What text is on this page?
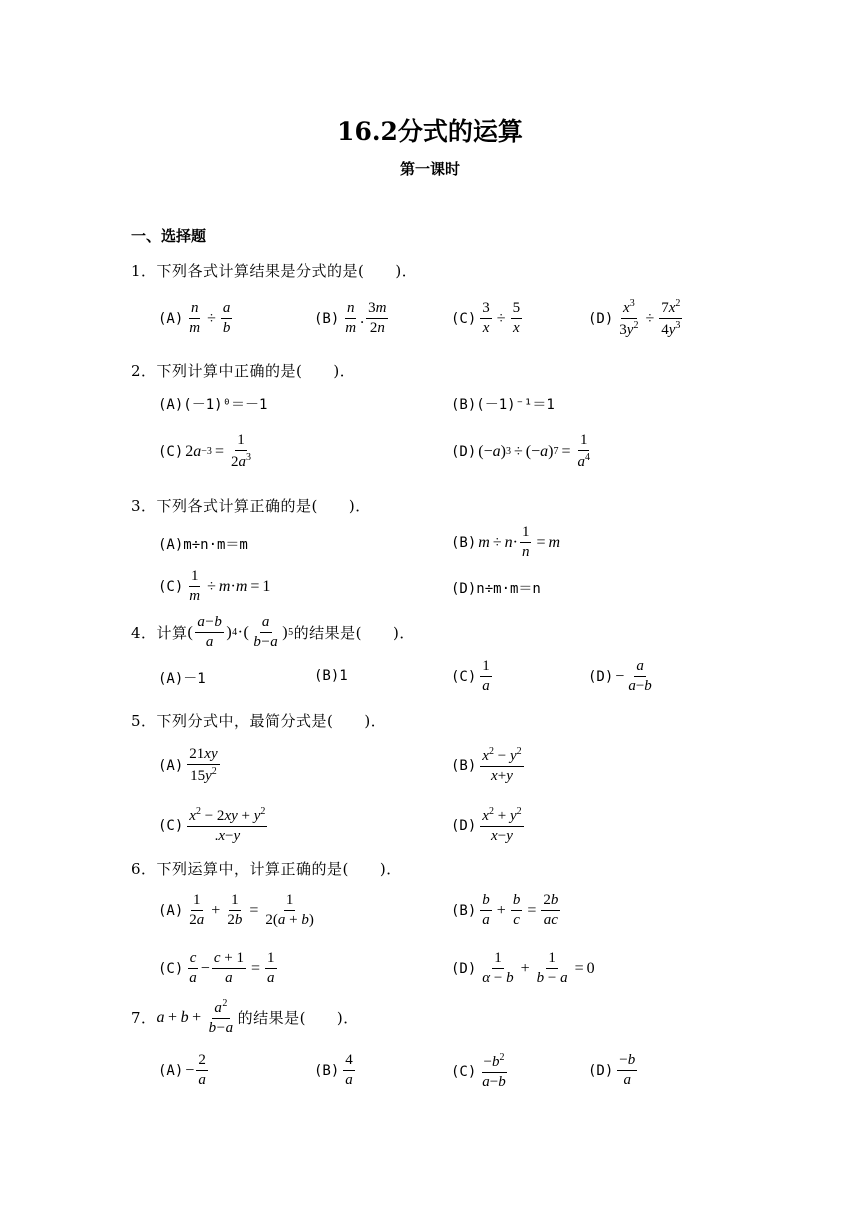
16.2分式的运算
第一课时
一、选择题
1．下列各式计算结果是分式的是(　　)．
$(A) \frac{n}{m} \div \frac{a}{b}$	$(B) \frac{n}{m}$ . $\frac{3m}{2n}$	$(C) \frac{3}{x} \div \frac{5}{x}$	$(D) \frac{x^3}{3y^2} \div \frac{7x^2}{4y^3}$
2．下列计算中正确的是(　　)．
(A)(－1)⁰＝－1	(B)(－1)⁻¹＝1
(C) 2 $a -3 = \frac{1}{2a^3}$	(D) (− a ) 3 ÷ (− a ) $7 = \frac{1}{a^4}$
3．下列各式计算正确的是(　　)．
(A)m÷n·m＝m	(B) $m \div n \cdot \frac{1}{n} = m$
$(C) \frac{1}{m} \div m \cdot m = 1$	(D)n÷m·m＝n
4．计算 ( $\frac{a-b}{a}$ ) 4 ·( $\frac{a}{b-a}$ ) 5 的结果是(　　)．
(A)－1	(B)1	$(C) \frac{1}{a}$	$(D) - \frac{a}{a-b}$
5．下列分式中，最简分式是(　　)．
$(A) \frac{21xy}{15y^2}$	$(B) \frac{x^2 - y^2}{x+y}$
$(C) \frac{x^2 - 2xy + y^2}{.x-y}$	$(D) \frac{x^2 + y^2}{x-y}$
6．下列运算中，计算正确的是(　　)．
$(A) \frac{1}{2a} + \frac{1}{2b} = \frac{1}{2(a + b)}$	$(B) \frac{b}{a} + \frac{b}{c} = \frac{2b}{ac}$
$(C) \frac{c}{a} - \frac{c + 1}{a} = \frac{1}{a}$	$(D) \frac{1}{\alpha - b} + \frac{1}{b - a} = 0$
7． $a + b + \frac{a^2}{b-a}$ 的结果是(　　)．
$(A) - \frac{2}{a}$	$(B) \frac{4}{a}$	$(C) \frac{-b^2}{a-b}$	$(D) \frac{-b}{a}$
